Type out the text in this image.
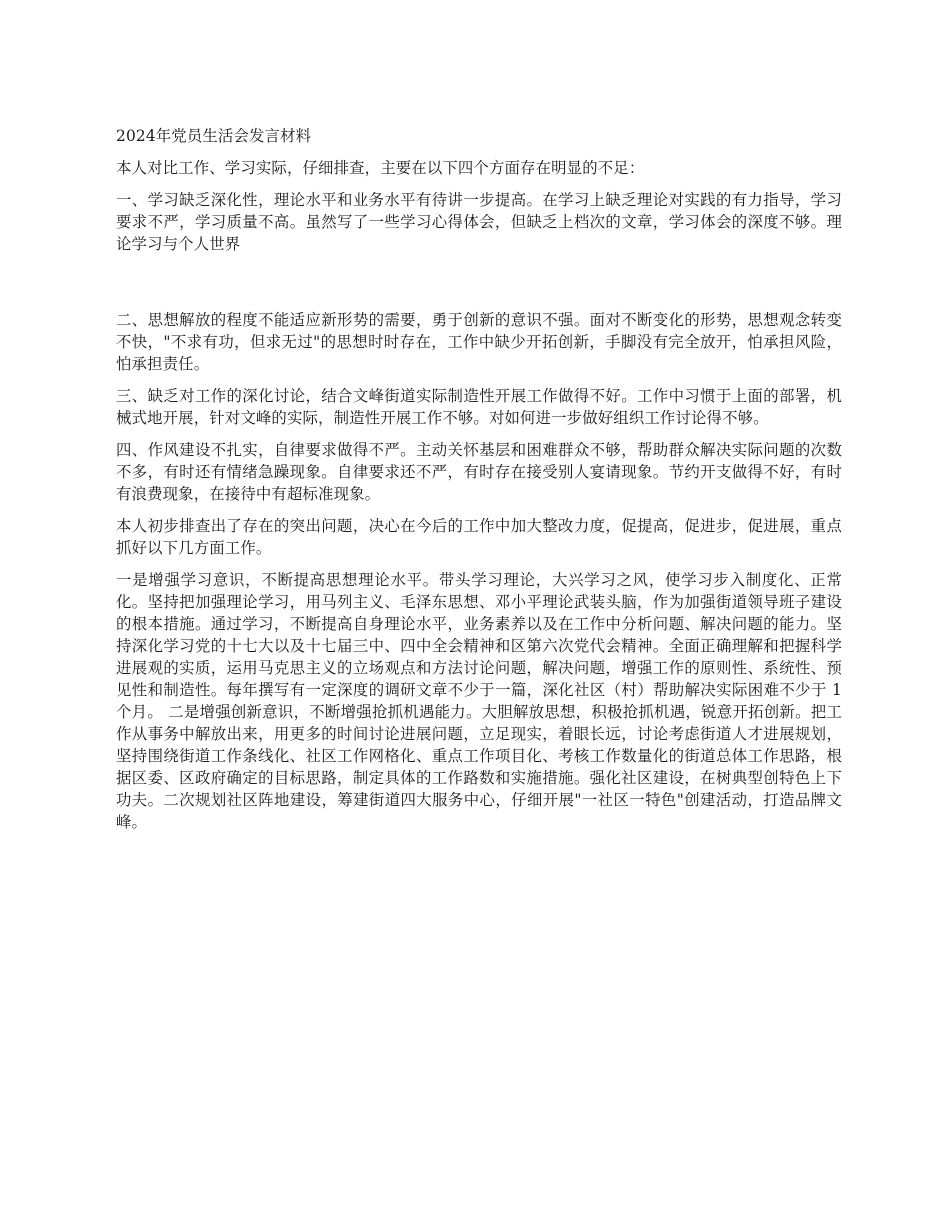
2024年党员生活会发言材料

本人对比工作、学习实际，仔细排查，主要在以下四个方面存在明显的不足：

一、学习缺乏深化性，理论水平和业务水平有待讲一步提高。在学习上缺乏理论对实践的有力指导，学习要求不严，学习质量不高。虽然写了一些学习心得体会，但缺乏上档次的文章，学习体会的深度不够。理论学习与个人世界

二、思想解放的程度不能适应新形势的需要，勇于创新的意识不强。面对不断变化的形势，思想观念转变不快，"不求有功，但求无过"的思想时时存在，工作中缺少开拓创新，手脚没有完全放开，怕承担风险，怕承担责任。

三、缺乏对工作的深化讨论，结合文峰街道实际制造性开展工作做得不好。工作中习惯于上面的部署，机械式地开展，针对文峰的实际，制造性开展工作不够。对如何进一步做好组织工作讨论得不够。

四、作风建设不扎实，自律要求做得不严。主动关怀基层和困难群众不够，帮助群众解决实际问题的次数不多，有时还有情绪急躁现象。自律要求还不严，有时存在接受别人宴请现象。节约开支做得不好，有时有浪费现象，在接待中有超标准现象。

本人初步排查出了存在的突出问题，决心在今后的工作中加大整改力度，促提高，促进步，促进展，重点抓好以下几方面工作。

一是增强学习意识，不断提高思想理论水平。带头学习理论，大兴学习之风，使学习步入制度化、正常化。坚持把加强理论学习，用马列主义、毛泽东思想、邓小平理论武装头脑，作为加强街道领导班子建设的根本措施。通过学习，不断提高自身理论水平，业务素养以及在工作中分析问题、解决问题的能力。坚持深化学习党的十七大以及十七届三中、四中全会精神和区第六次党代会精神。全面正确理解和把握科学进展观的实质，运用马克思主义的立场观点和方法讨论问题，解决问题，增强工作的原则性、系统性、预见性和制造性。每年撰写有一定深度的调研文章不少于一篇，深化社区（村）帮助解决实际困难不少于 1 个月。 二是增强创新意识，不断增强抢抓机遇能力。大胆解放思想，积极抢抓机遇，锐意开拓创新。把工作从事务中解放出来，用更多的时间讨论进展问题，立足现实，着眼长远，讨论考虑街道人才进展规划，坚持围绕街道工作条线化、社区工作网格化、重点工作项目化、考核工作数量化的街道总体工作思路，根据区委、区政府确定的目标思路，制定具体的工作路数和实施措施。强化社区建设，在树典型创特色上下功夫。二次规划社区阵地建设，筹建街道四大服务中心，仔细开展"一社区一特色"创建活动，打造品牌文峰。
